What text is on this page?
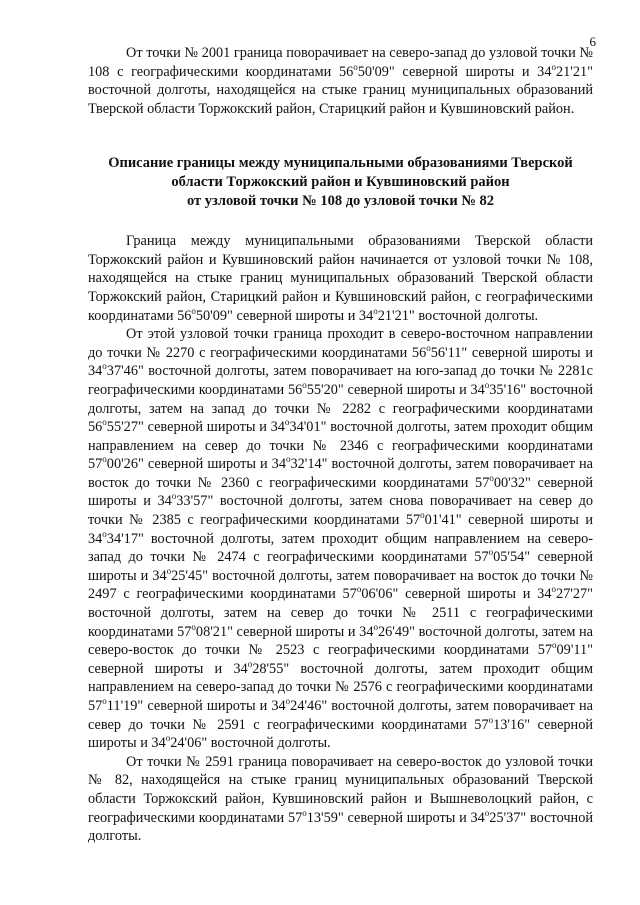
6

От точки № 2001 граница поворачивает на северо-запад до узловой точки № 108 с географическими координатами 56$^o$50'09" северной широты и 34$^o$21'21" восточной долготы, находящейся на стыке границ муниципальных образований Тверской области Торжокский район, Старицкий район и Кувшиновский район.

Описание границы между муниципальными образованиями Тверской
области Торжокский район и Кувшиновский район
от узловой точки № 108 до узловой точки № 82

Граница между муниципальными образованиями Тверской области Торжокский район и Кувшиновский район начинается от узловой точки № 108, находящейся на стыке границ муниципальных образований Тверской области Торжокский район, Старицкий район и Кувшиновский район, с географическими координатами 56$^o$50'09" северной широты и 34$^o$21'21" восточной долготы.

От этой узловой точки граница проходит в северо-восточном направлении до точки № 2270 с географическими координатами 56$^o$56'11" северной широты и 34$^o$37'46" восточной долготы, затем поворачивает на юго-запад до точки № 2281с географическими координатами 56$^o$55'20" северной широты и 34$^o$35'16" восточной долготы, затем на запад до точки № 2282 с географическими координатами 56$^o$55'27" северной широты и 34$^o$34'01" восточной долготы, затем проходит общим направлением на север до точки № 2346 с географическими координатами 57$^o$00'26" северной широты и 34$^o$32'14" восточной долготы, затем поворачивает на восток до точки № 2360 с географическими координатами 57$^o$00'32" северной широты и 34$^o$33'57" восточной долготы, затем снова поворачивает на север до точки № 2385 с географическими координатами 57$^o$01'41" северной широты и 34$^o$34'17" восточной долготы, затем проходит общим направлением на северо-запад до точки № 2474 с географическими координатами 57$^o$05'54" северной широты и 34$^o$25'45" восточной долготы, затем поворачивает на восток до точки № 2497 с географическими координатами 57$^o$06'06" северной широты и 34$^o$27'27" восточной долготы, затем на север до точки № 2511 с географическими координатами 57$^o$08'21" северной широты и 34$^o$26'49" восточной долготы, затем на северо-восток до точки № 2523 с географическими координатами 57$^o$09'11" северной широты и 34$^o$28'55" восточной долготы, затем проходит общим направлением на северо-запад до точки № 2576 с географическими координатами 57$^o$11'19" северной широты и 34$^o$24'46" восточной долготы, затем поворачивает на север до точки № 2591 с географическими координатами 57$^o$13'16" северной широты и 34$^o$24'06" восточной долготы.

От точки № 2591 граница поворачивает на северо-восток до узловой точки № 82, находящейся на стыке границ муниципальных образований Тверской области Торжокский район, Кувшиновский район и Вышневолоцкий район, с географическими координатами 57$^o$13'59" северной широты и 34$^o$25'37" восточной долготы.
